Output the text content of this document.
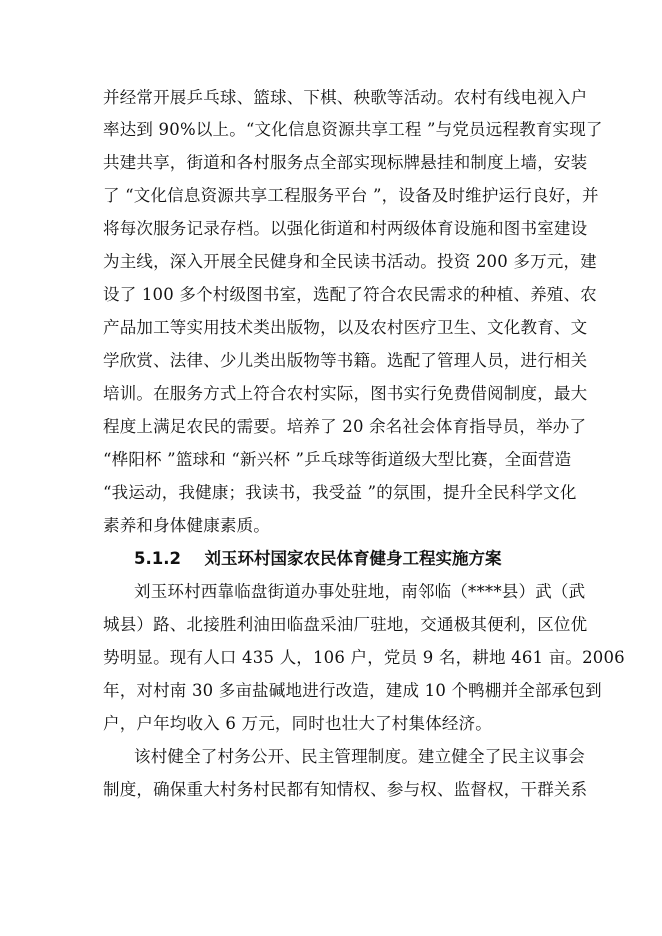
并经常开展乒乓球、篮球、下棋、秧歌等活动。农村有线电视入户
率达到 90%以上。“文化信息资源共享工程 ”与党员远程教育实现了
共建共享，街道和各村服务点全部实现标牌悬挂和制度上墙，安装
了 “文化信息资源共享工程服务平台 ”，设备及时维护运行良好，并
将每次服务记录存档。以强化街道和村两级体育设施和图书室建设
为主线，深入开展全民健身和全民读书活动。投资 200 多万元，建
设了 100 多个村级图书室，选配了符合农民需求的种植、养殖、农
产品加工等实用技术类出版物，以及农村医疗卫生、文化教育、文
学欣赏、法律、少儿类出版物等书籍。选配了管理人员，进行相关
培训。在服务方式上符合农村实际，图书实行免费借阅制度，最大
程度上满足农民的需要。培养了 20 余名社会体育指导员，举办了
“桦阳杯 ”篮球和 “新兴杯 ”乒乓球等街道级大型比赛，全面营造
“我运动，我健康；我读书，我受益 ”的氛围，提升全民科学文化
素养和身体健康素质。
5.1.2 刘玉环村国家农民体育健身工程实施方案
刘玉环村西靠临盘街道办事处驻地，南邻临（****县）武（武
城县）路、北接胜利油田临盘采油厂驻地，交通极其便利，区位优
势明显。现有人口 435 人，106 户，党员 9 名，耕地 461 亩。2006
年，对村南 30 多亩盐碱地进行改造，建成 10 个鸭棚并全部承包到
户，户年均收入 6 万元，同时也壮大了村集体经济。
该村健全了村务公开、民主管理制度。建立健全了民主议事会
制度，确保重大村务村民都有知情权、参与权、监督权，干群关系
